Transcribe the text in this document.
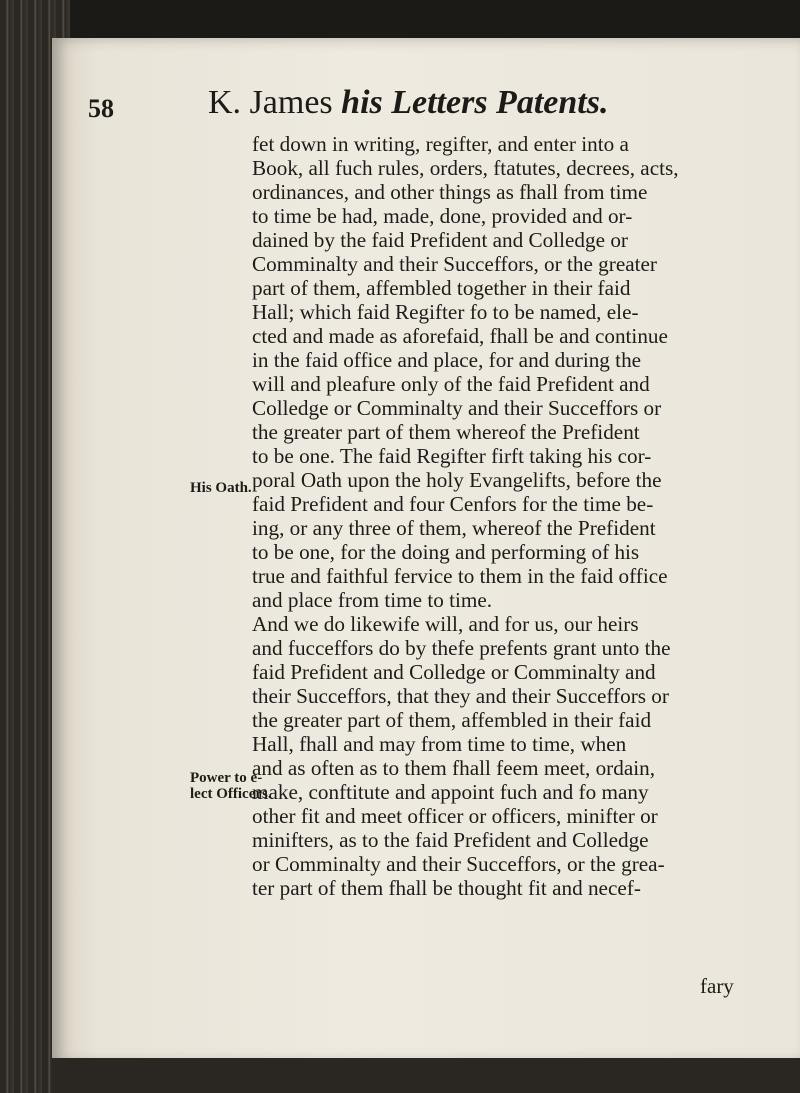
58	K. James his Letters Patents.
His Oath.
Power to e-
lect Officers.
fet down in writing, regifter, and enter into a
Book, all fuch rules, orders, ftatutes, decrees, acts,
ordinances, and other things as fhall from time
to time be had, made, done, provided and or-
dained by the faid Prefident and Colledge or
Comminalty and their Succeffors, or the greater
part of them, affembled together in their faid
Hall; which faid Regifter fo to be named, ele-
cted and made as aforefaid, fhall be and continue
in the faid office and place, for and during the
will and pleafure only of the faid Prefident and
Colledge or Comminalty and their Succeffors or
the greater part of them whereof the Prefident
to be one. The faid Regifter firft taking his cor-
poral Oath upon the holy Evangelifts, before the
faid Prefident and four Cenfors for the time be-
ing, or any three of them, whereof the Prefident
to be one, for the doing and performing of his
true and faithful fervice to them in the faid office
and place from time to time.
And we do likewife will, and for us, our heirs
and fucceffors do by thefe prefents grant unto the
faid Prefident and Colledge or Comminalty and
their Succeffors, that they and their Succeffors or
the greater part of them, affembled in their faid
Hall, fhall and may from time to time, when
and as often as to them fhall feem meet, ordain,
make, conftitute and appoint fuch and fo many
other fit and meet officer or officers, minifter or
minifters, as to the faid Prefident and Colledge
or Comminalty and their Succeffors, or the grea-
ter part of them fhall be thought fit and necef-
fary
